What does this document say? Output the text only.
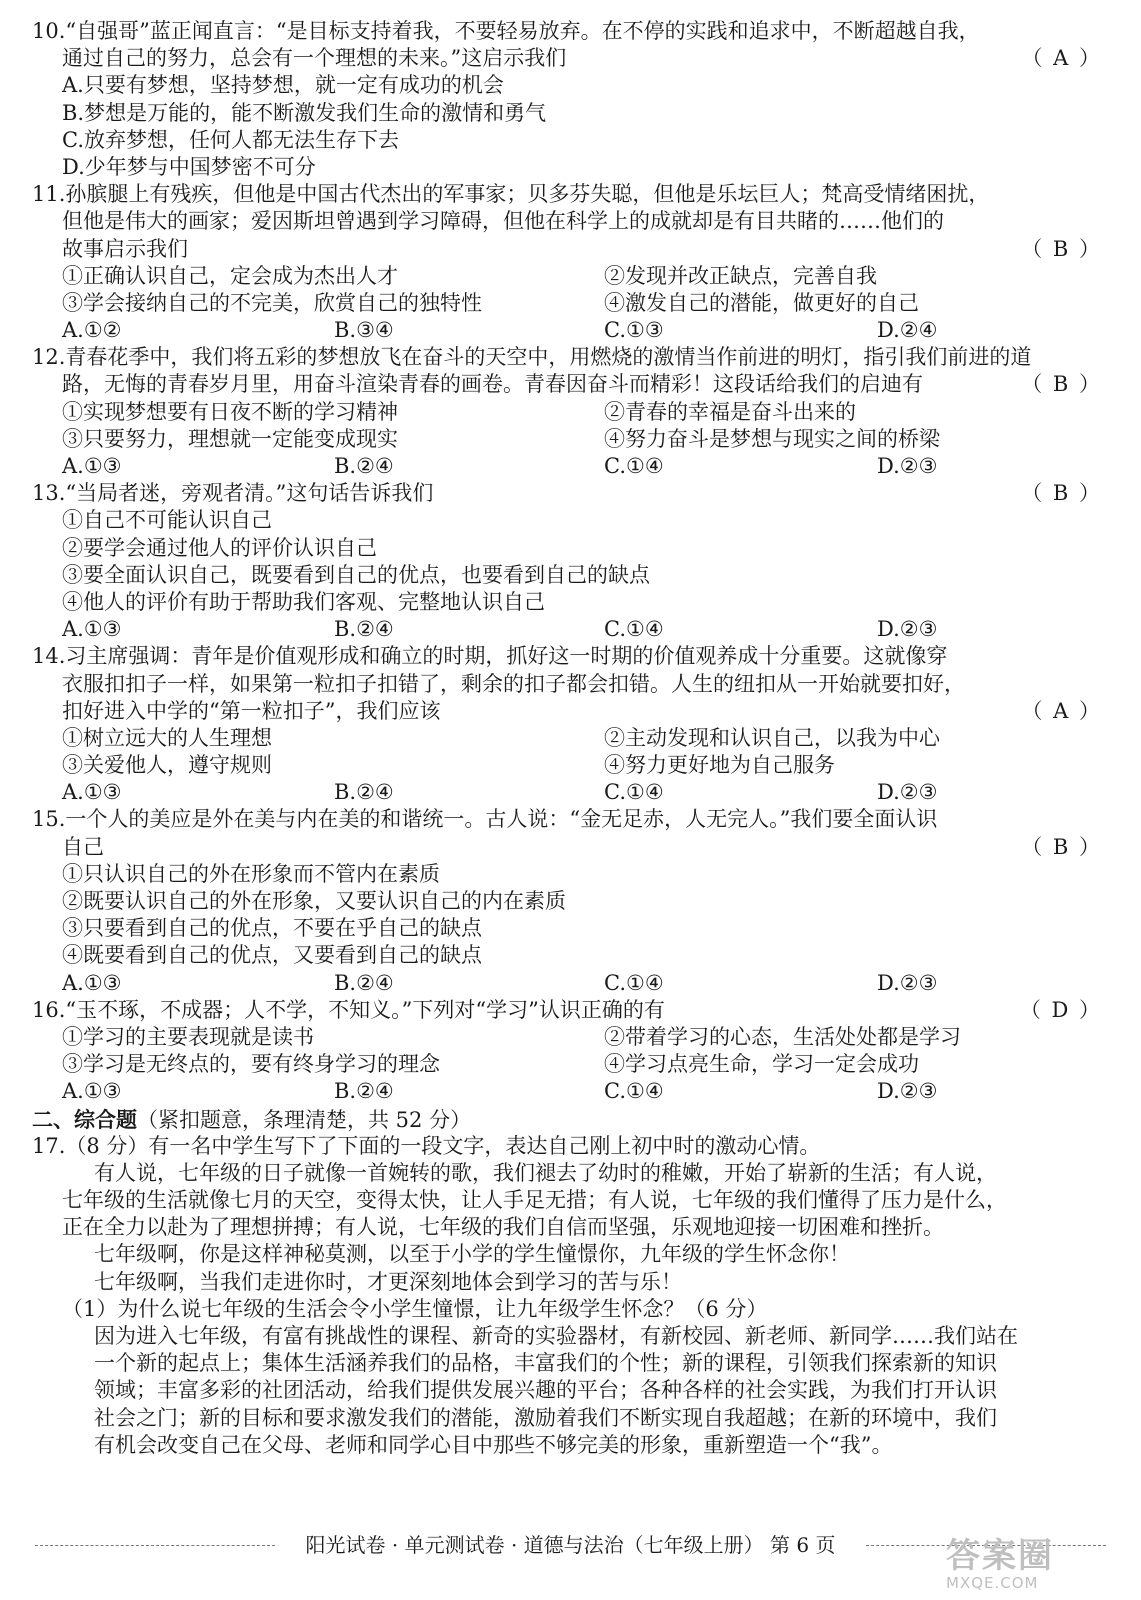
10.“自强哥”蓝正闻直言：“是目标支持着我，不要轻易放弃。在不停的实践和追求中，不断超越自我，
通过自己的努力，总会有一个理想的未来。”这启示我们	（ A ）
A.只要有梦想，坚持梦想，就一定有成功的机会
B.梦想是万能的，能不断激发我们生命的激情和勇气
C.放弃梦想，任何人都无法生存下去
D.少年梦与中国梦密不可分
11.孙膑腿上有残疾，但他是中国古代杰出的军事家；贝多芬失聪，但他是乐坛巨人；梵高受情绪困扰，
但他是伟大的画家；爱因斯坦曾遇到学习障碍，但他在科学上的成就却是有目共睹的……他们的
故事启示我们	（ B ）
①正确认识自己，定会成为杰出人才	②发现并改正缺点，完善自我
③学会接纳自己的不完美，欣赏自己的独特性	④激发自己的潜能，做更好的自己
A.①②	B.③④	C.①③	D.②④
12.青春花季中，我们将五彩的梦想放飞在奋斗的天空中，用燃烧的激情当作前进的明灯，指引我们前进的道
路，无悔的青春岁月里，用奋斗渲染青春的画卷。青春因奋斗而精彩！这段话给我们的启迪有	（ B ）
①实现梦想要有日夜不断的学习精神	②青春的幸福是奋斗出来的
③只要努力，理想就一定能变成现实	④努力奋斗是梦想与现实之间的桥梁
A.①③	B.②④	C.①④	D.②③
13.“当局者迷，旁观者清。”这句话告诉我们	（ B ）
①自己不可能认识自己
②要学会通过他人的评价认识自己
③要全面认识自己，既要看到自己的优点，也要看到自己的缺点
④他人的评价有助于帮助我们客观、完整地认识自己
A.①③	B.②④	C.①④	D.②③
14.习主席强调：青年是价值观形成和确立的时期，抓好这一时期的价值观养成十分重要。这就像穿
衣服扣扣子一样，如果第一粒扣子扣错了，剩余的扣子都会扣错。人生的纽扣从一开始就要扣好，
扣好进入中学的“第一粒扣子”，我们应该	（ A ）
①树立远大的人生理想	②主动发现和认识自己，以我为中心
③关爱他人，遵守规则	④努力更好地为自己服务
A.①③	B.②④	C.①④	D.②③
15.一个人的美应是外在美与内在美的和谐统一。古人说：“金无足赤，人无完人。”我们要全面认识
自己	（ B ）
①只认识自己的外在形象而不管内在素质
②既要认识自己的外在形象，又要认识自己的内在素质
③只要看到自己的优点，不要在乎自己的缺点
④既要看到自己的优点，又要看到自己的缺点
A.①③	B.②④	C.①④	D.②③
16.“玉不琢，不成器；人不学，不知义。”下列对“学习”认识正确的有	（ D ）
①学习的主要表现就是读书	②带着学习的心态，生活处处都是学习
③学习是无终点的，要有终身学习的理念	④学习点亮生命，学习一定会成功
A.①③	B.②④	C.①④	D.②③
二、综合题（紧扣题意，条理清楚，共 52 分）
17.（8 分）有一名中学生写下了下面的一段文字，表达自己刚上初中时的激动心情。
有人说，七年级的日子就像一首婉转的歌，我们褪去了幼时的稚嫩，开始了崭新的生活；有人说，
七年级的生活就像七月的天空，变得太快，让人手足无措；有人说，七年级的我们懂得了压力是什么，
正在全力以赴为了理想拼搏；有人说，七年级的我们自信而坚强，乐观地迎接一切困难和挫折。
七年级啊，你是这样神秘莫测，以至于小学的学生憧憬你，九年级的学生怀念你！
七年级啊，当我们走进你时，才更深刻地体会到学习的苦与乐！
（1）为什么说七年级的生活会令小学生憧憬，让九年级学生怀念？（6 分）
因为进入七年级，有富有挑战性的课程、新奇的实验器材，有新校园、新老师、新同学……我们站在
一个新的起点上；集体生活涵养我们的品格，丰富我们的个性；新的课程，引领我们探索新的知识
领域；丰富多彩的社团活动，给我们提供发展兴趣的平台；各种各样的社会实践，为我们打开认识
社会之门；新的目标和要求激发我们的潜能，激励着我们不断实现自我超越；在新的环境中，我们
有机会改变自己在父母、老师和同学心目中那些不够完美的形象，重新塑造一个“我”。
阳光试卷 · 单元测试卷 · 道德与法治（七年级上册） 第 6 页	答案圈
MXQE.COM
